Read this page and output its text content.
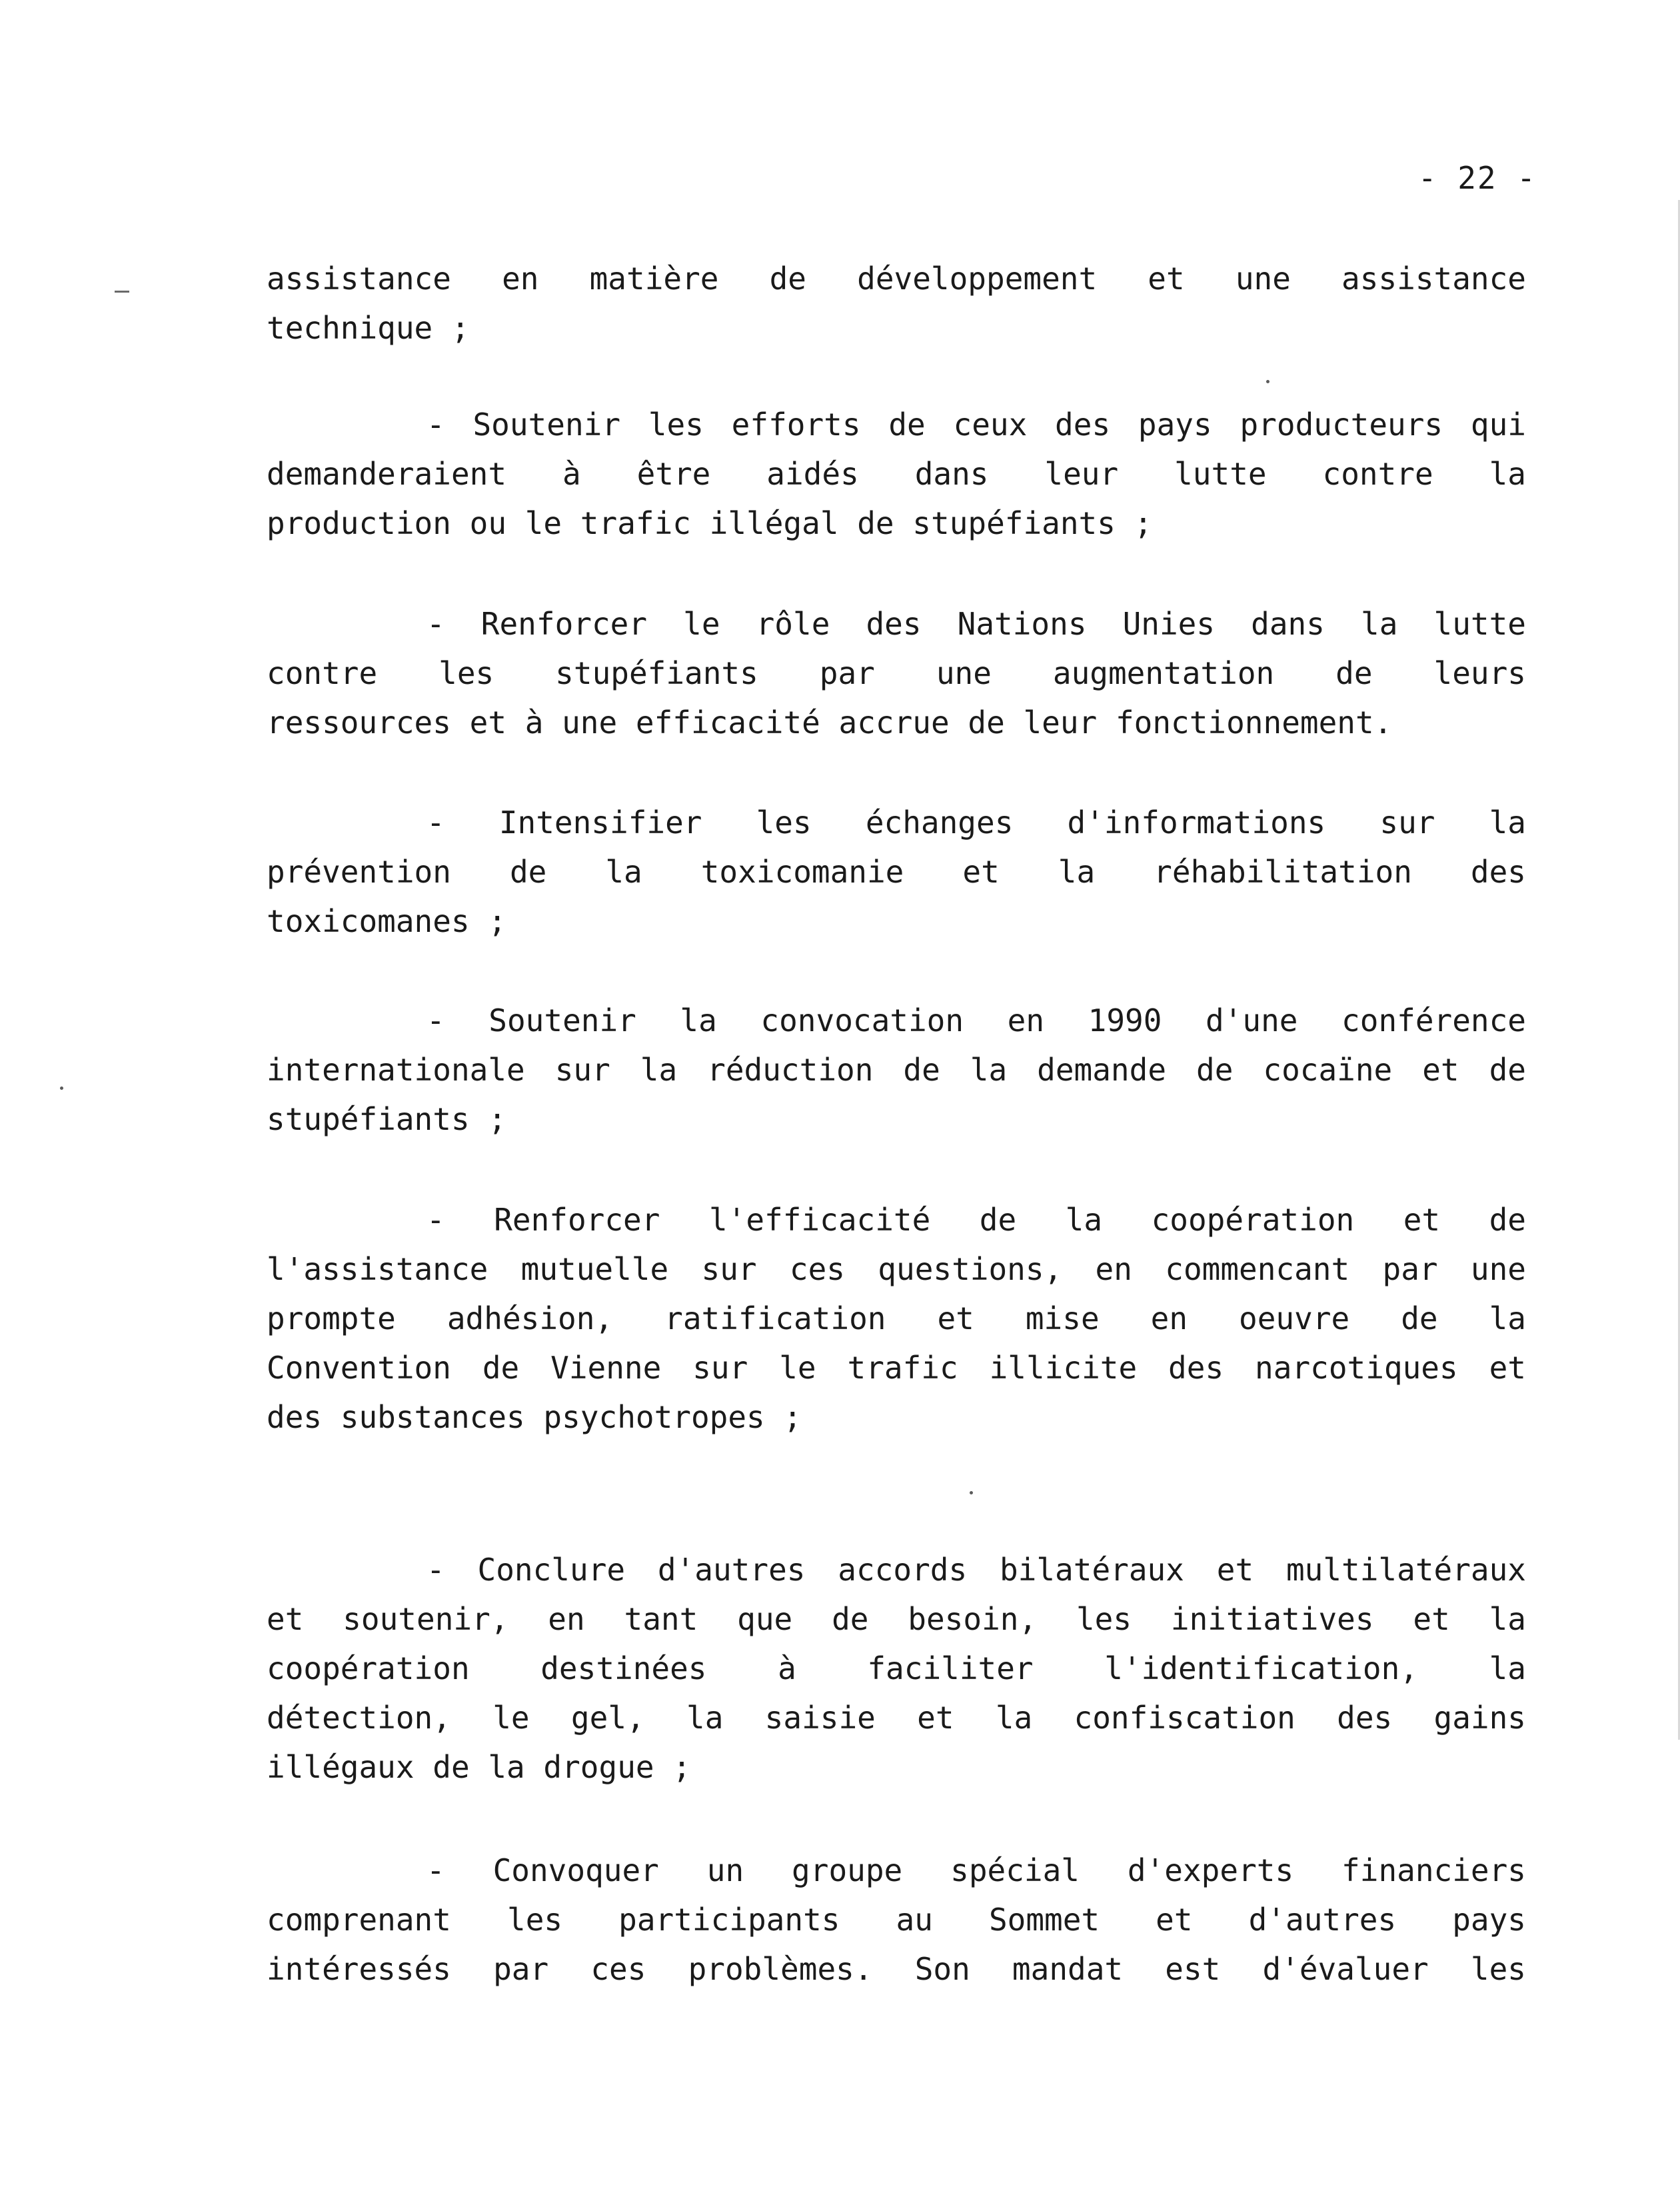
- 22 -
assistance en matière de développement et une assistance
technique ;
- Soutenir les efforts de ceux des pays producteurs qui
demanderaient à être aidés dans leur lutte contre la
production ou le trafic illégal de stupéfiants ;
- Renforcer le rôle des Nations Unies dans la lutte
contre les stupéfiants par une augmentation de leurs
ressources et à une efficacité accrue de leur fonctionnement.
- Intensifier les échanges d'informations sur la
prévention de la toxicomanie et la réhabilitation des
toxicomanes ;
- Soutenir la convocation en 1990 d'une conférence
internationale sur la réduction de la demande de cocaïne et de
stupéfiants ;
- Renforcer l'efficacité de la coopération et de
l'assistance mutuelle sur ces questions, en commencant par une
prompte adhésion, ratification et mise en oeuvre de la
Convention de Vienne sur le trafic illicite des narcotiques et
des substances psychotropes ;
- Conclure d'autres accords bilatéraux et multilatéraux
et soutenir, en tant que de besoin, les initiatives et la
coopération destinées à faciliter l'identification, la
détection, le gel, la saisie et la confiscation des gains
illégaux de la drogue ;
- Convoquer un groupe spécial d'experts financiers
comprenant les participants au Sommet et d'autres pays
intéressés par ces problèmes. Son mandat est d'évaluer les
